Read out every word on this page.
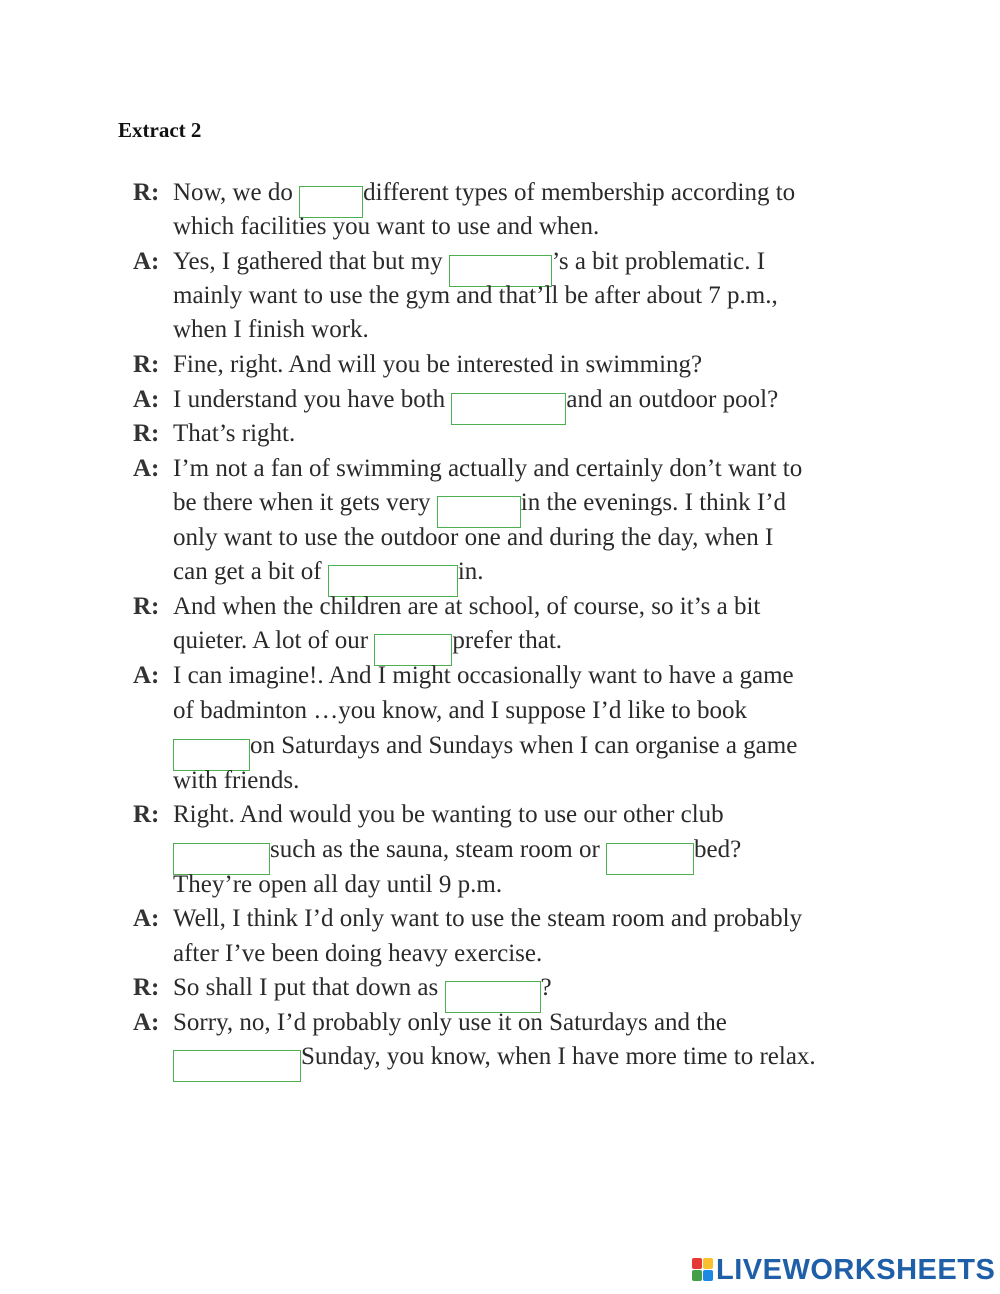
Extract 2
R: Now, we do	different types of membership according to
which facilities you want to use and when.
A: Yes, I gathered that but my	’s a bit problematic. I
mainly want to use the gym and that’ll be after about 7 p.m.,
when I finish work.
R: Fine, right. And will you be interested in swimming?
A: I understand you have both	and an outdoor pool?
R: That’s right.
A: I’m not a fan of swimming actually and certainly don’t want to
be there when it gets very	in the evenings. I think I’d
only want to use the outdoor one and during the day, when I
can get a bit of	in.
R: And when the children are at school, of course, so it’s a bit
quieter. A lot of our	prefer that.
A: I can imagine!. And I might occasionally want to have a game
of badminton …you know, and I suppose I’d like to book
on Saturdays and Sundays when I can organise a game
with friends.
R: Right. And would you be wanting to use our other club
such as the sauna, steam room or	bed?
They’re open all day until 9 p.m.
A: Well, I think I’d only want to use the steam room and probably
after I’ve been doing heavy exercise.
R: So shall I put that down as	?
A: Sorry, no, I’d probably only use it on Saturdays and the
Sunday, you know, when I have more time to relax.
LIVEWORKSHEETS
